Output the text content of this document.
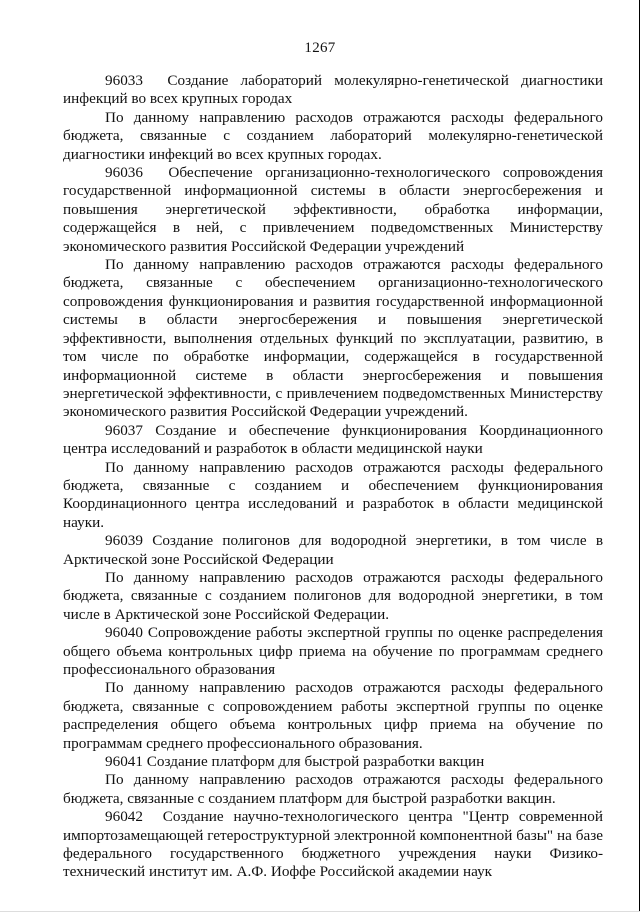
1267

96033 Создание лабораторий молекулярно-генетической диагностики инфекций во всех крупных городах

По данному направлению расходов отражаются расходы федерального бюджета, связанные с созданием лабораторий молекулярно-генетической диагностики инфекций во всех крупных городах.

96036 Обеспечение организационно-технологического сопровождения государственной информационной системы в области энергосбережения и повышения энергетической эффективности, обработка информации, содержащейся в ней, с привлечением подведомственных Министерству экономического развития Российской Федерации учреждений

По данному направлению расходов отражаются расходы федерального бюджета, связанные с обеспечением организационно-технологического сопровождения функционирования и развития государственной информационной системы в области энергосбережения и повышения энергетической эффективности, выполнения отдельных функций по эксплуатации, развитию, в том числе по обработке информации, содержащейся в государственной информационной системе в области энергосбережения и повышения энергетической эффективности, с привлечением подведомственных Министерству экономического развития Российской Федерации учреждений.

96037 Создание и обеспечение функционирования Координационного центра исследований и разработок в области медицинской науки

По данному направлению расходов отражаются расходы федерального бюджета, связанные с созданием и обеспечением функционирования Координационного центра исследований и разработок в области медицинской науки.

96039 Создание полигонов для водородной энергетики, в том числе в Арктической зоне Российской Федерации

По данному направлению расходов отражаются расходы федерального бюджета, связанные с созданием полигонов для водородной энергетики, в том числе в Арктической зоне Российской Федерации.

96040 Сопровождение работы экспертной группы по оценке распределения общего объема контрольных цифр приема на обучение по программам среднего профессионального образования

По данному направлению расходов отражаются расходы федерального бюджета, связанные с сопровождением работы экспертной группы по оценке распределения общего объема контрольных цифр приема на обучение по программам среднего профессионального образования.

96041 Создание платформ для быстрой разработки вакцин

По данному направлению расходов отражаются расходы федерального бюджета, связанные с созданием платформ для быстрой разработки вакцин.

96042 Создание научно-технологического центра "Центр современной импортозамещающей гетероструктурной электронной компонентной базы" на базе федерального государственного бюджетного учреждения науки Физико-технический институт им. А.Ф. Иоффе Российской академии наук
